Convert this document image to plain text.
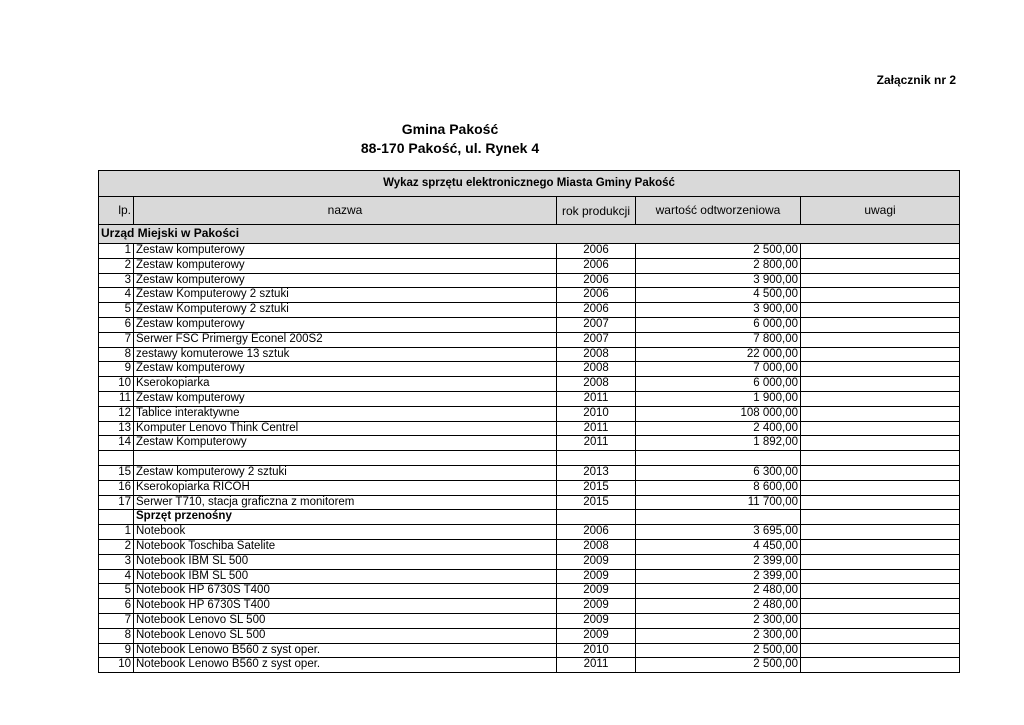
Załącznik nr 2
Gmina Pakość
88-170 Pakość, ul. Rynek 4
Wykaz sprzętu elektronicznego Miasta Gminy Pakość				
lp.	nazwa	rok produkcji	wartość odtworzeniowa	uwagi
Urząd Miejski w Pakości				
1	Zestaw komputerowy	2006	2 500,00	
2	Zestaw komputerowy	2006	2 800,00	
3	Zestaw komputerowy	2006	3 900,00	
4	Zestaw Komputerowy 2 sztuki	2006	4 500,00	
5	Zestaw Komputerowy 2 sztuki	2006	3 900,00	
6	Zestaw komputerowy	2007	6 000,00	
7	Serwer FSC Primergy Econel 200S2	2007	7 800,00	
8	zestawy komuterowe 13 sztuk	2008	22 000,00	
9	Zestaw komputerowy	2008	7 000,00	
10	Kserokopiarka	2008	6 000,00	
11	Zestaw komputerowy	2011	1 900,00	
12	Tablice interaktywne	2010	108 000,00	
13	Komputer Lenovo Think Centrel	2011	2 400,00	
14	Zestaw Komputerowy	2011	1 892,00	

15	Zestaw komputerowy 2 sztuki	2013	6 300,00	
16	Kserokopiarka RICOH	2015	8 600,00	
17	Serwer T710, stacja graficzna z monitorem	2015	11 700,00	
	Sprzęt przenośny			
1	Notebook	2006	3 695,00	
2	Notebook Toschiba Satelite	2008	4 450,00	
3	Notebook IBM SL 500	2009	2 399,00	
4	Notebook IBM SL 500	2009	2 399,00	
5	Notebook HP 6730S T400	2009	2 480,00	
6	Notebook HP 6730S T400	2009	2 480,00	
7	Notebook Lenovo SL 500	2009	2 300,00	
8	Notebook Lenovo SL 500	2009	2 300,00	
9	Notebook Lenowo B560 z syst oper.	2010	2 500,00	
10	Notebook Lenowo B560 z syst oper.	2011	2 500,00	
